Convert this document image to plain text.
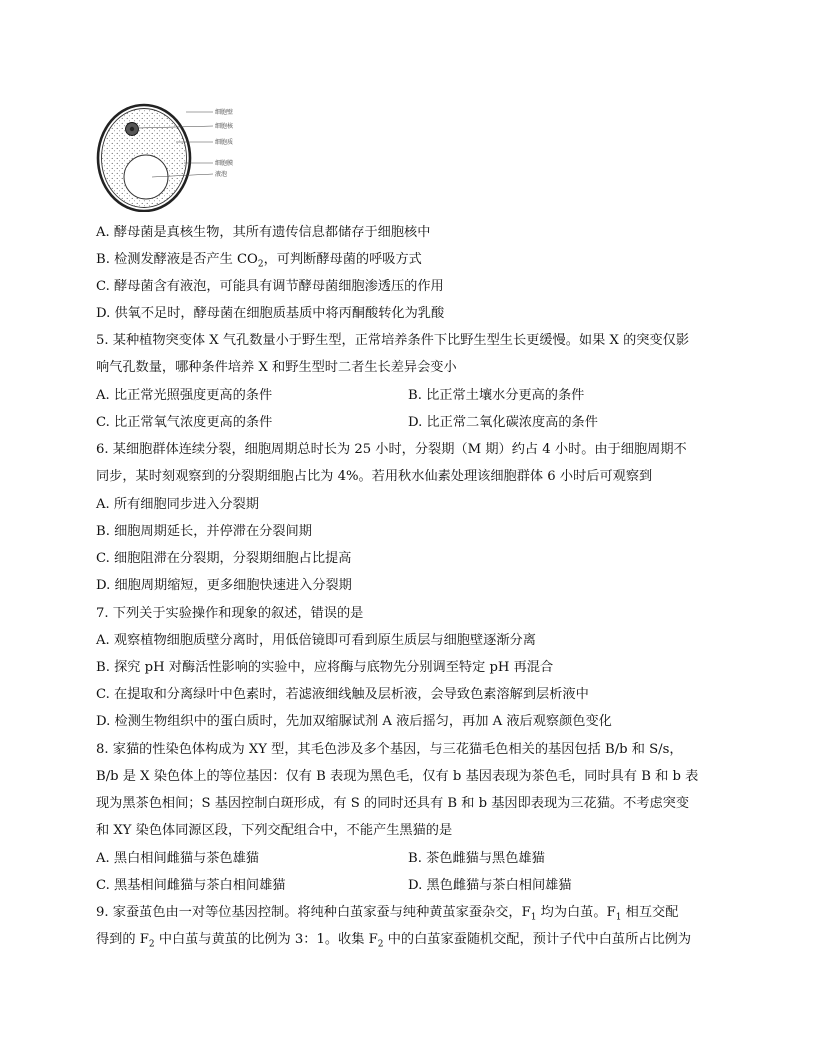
细胞壁
细胞核
细胞质
细胞膜
液泡
A. 酵母菌是真核生物，其所有遗传信息都储存于细胞核中
B. 检测发酵液是否产生 $CO_2$，可判断酵母菌的呼吸方式
C. 酵母菌含有液泡，可能具有调节酵母菌细胞渗透压的作用
D. 供氧不足时，酵母菌在细胞质基质中将丙酮酸转化为乳酸
5. 某种植物突变体 X 气孔数量小于野生型，正常培养条件下比野生型生长更缓慢。如果 X 的突变仅影
响气孔数量，哪种条件培养 X 和野生型时二者生长差异会变小
A. 比正常光照强度更高的条件	B. 比正常土壤水分更高的条件
C. 比正常氧气浓度更高的条件	D. 比正常二氧化碳浓度高的条件
6. 某细胞群体连续分裂，细胞周期总时长为 25 小时，分裂期（M 期）约占 4 小时。由于细胞周期不
同步，某时刻观察到的分裂期细胞占比为 4%。若用秋水仙素处理该细胞群体 6 小时后可观察到
A. 所有细胞同步进入分裂期
B. 细胞周期延长，并停滞在分裂间期
C. 细胞阻滞在分裂期，分裂期细胞占比提高
D. 细胞周期缩短，更多细胞快速进入分裂期
7. 下列关于实验操作和现象的叙述，错误的是
A. 观察植物细胞质壁分离时，用低倍镜即可看到原生质层与细胞壁逐渐分离
B. 探究 pH 对酶活性影响的实验中，应将酶与底物先分别调至特定 pH 再混合
C. 在提取和分离绿叶中色素时，若滤液细线触及层析液，会导致色素溶解到层析液中
D. 检测生物组织中的蛋白质时，先加双缩脲试剂 A 液后摇匀，再加 A 液后观察颜色变化
8. 家猫的性染色体构成为 XY 型，其毛色涉及多个基因，与三花猫毛色相关的基因包括 B/b 和 S/s，
B/b 是 X 染色体上的等位基因：仅有 B 表现为黑色毛，仅有 b 基因表现为茶色毛，同时具有 B 和 b 表
现为黑茶色相间；S 基因控制白斑形成，有 S 的同时还具有 B 和 b 基因即表现为三花猫。不考虑突变
和 XY 染色体同源区段，下列交配组合中，不能产生黑猫的是
A. 黑白相间雌猫与茶色雄猫	B. 茶色雌猫与黑色雄猫
C. 黑基相间雌猫与茶白相间雄猫	D. 黑色雌猫与茶白相间雄猫
9. 家蚕茧色由一对等位基因控制。将纯种白茧家蚕与纯种黄茧家蚕杂交，$F_1$ 均为白茧。$F_1$ 相互交配
得到的 $F_2$ 中白茧与黄茧的比例为 3：1。收集 $F_2$ 中的白茧家蚕随机交配，预计子代中白茧所占比例为
